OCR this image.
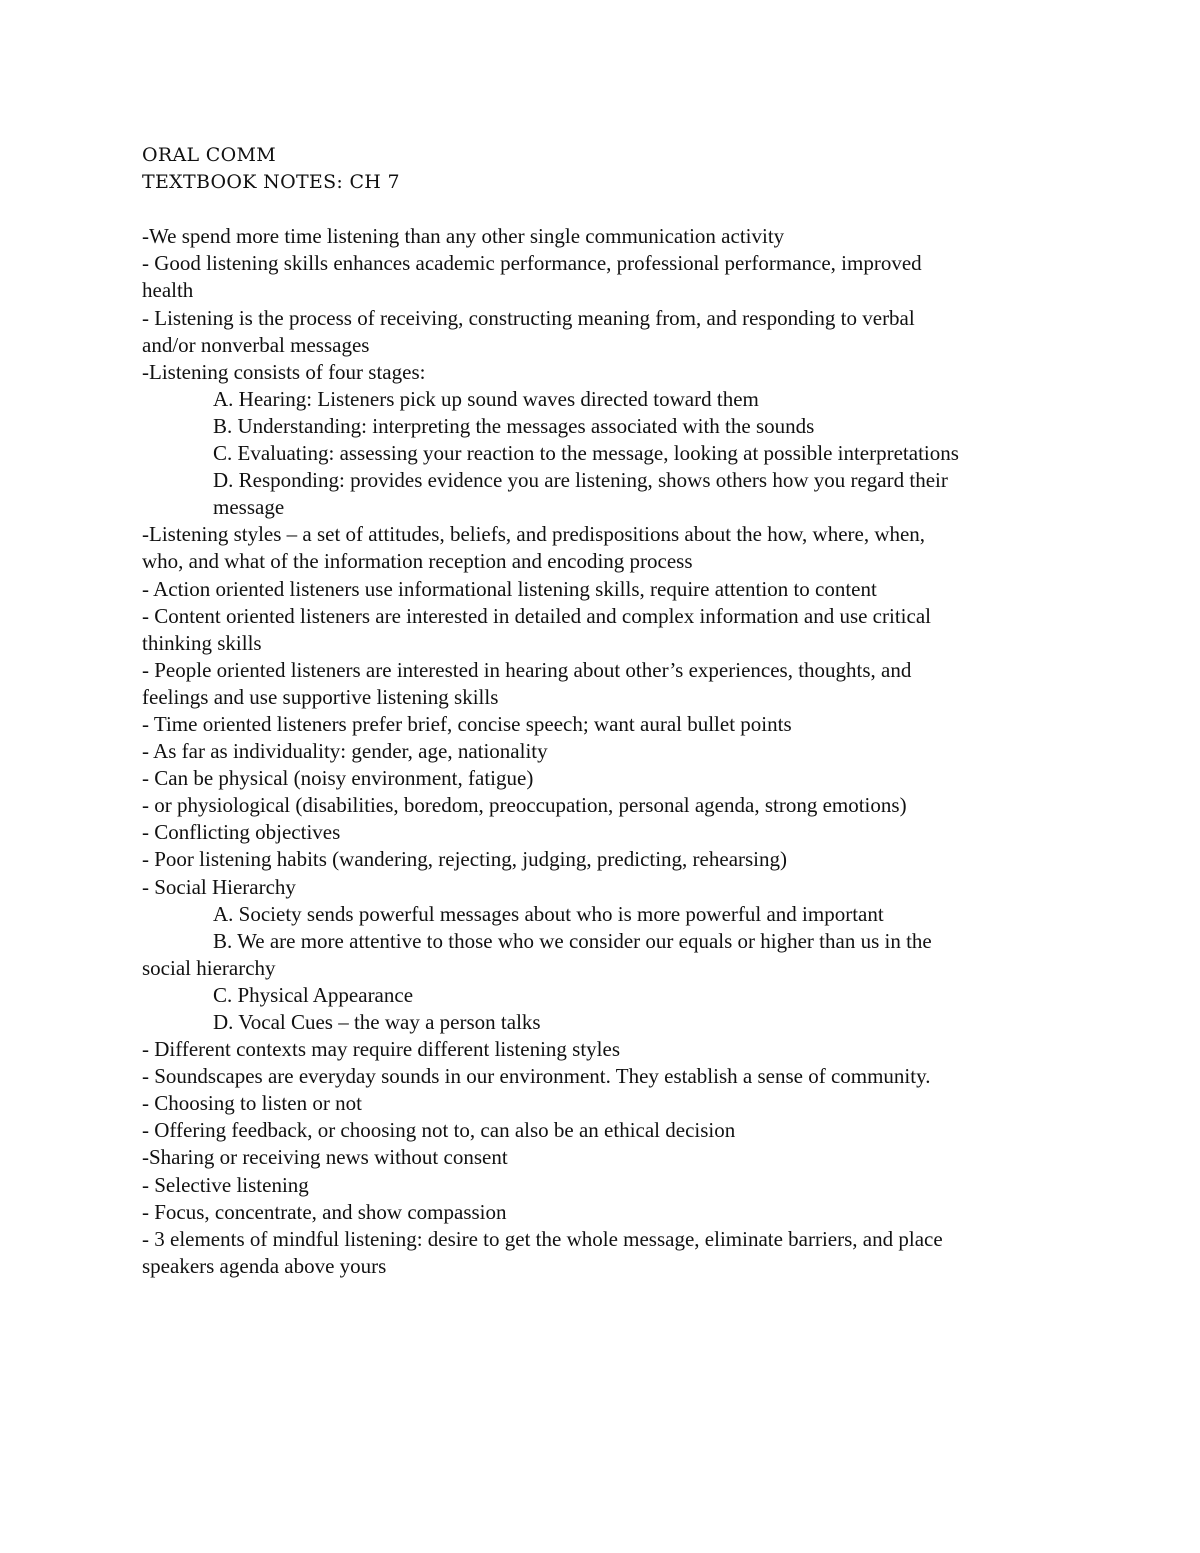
ORAL COMM
TEXTBOOK NOTES: CH 7
-We spend more time listening than any other single communication activity
- Good listening skills enhances academic performance, professional performance, improved
health
- Listening is the process of receiving, constructing meaning from, and responding to verbal
and/or nonverbal messages
-Listening consists of four stages:
A. Hearing: Listeners pick up sound waves directed toward them
B. Understanding: interpreting the messages associated with the sounds
C. Evaluating: assessing your reaction to the message, looking at possible interpretations
D. Responding: provides evidence you are listening, shows others how you regard their
message
-Listening styles – a set of attitudes, beliefs, and predispositions about the how, where, when,
who, and what of the information reception and encoding process
- Action oriented listeners use informational listening skills, require attention to content
- Content oriented listeners are interested in detailed and complex information and use critical
thinking skills
- People oriented listeners are interested in hearing about other’s experiences, thoughts, and
feelings and use supportive listening skills
- Time oriented listeners prefer brief, concise speech; want aural bullet points
- As far as individuality: gender, age, nationality
- Can be physical (noisy environment, fatigue)
- or physiological (disabilities, boredom, preoccupation, personal agenda, strong emotions)
- Conflicting objectives
- Poor listening habits (wandering, rejecting, judging, predicting, rehearsing)
- Social Hierarchy
A. Society sends powerful messages about who is more powerful and important
B. We are more attentive to those who we consider our equals or higher than us in the
social hierarchy
C. Physical Appearance
D. Vocal Cues – the way a person talks
- Different contexts may require different listening styles
- Soundscapes are everyday sounds in our environment. They establish a sense of community.
- Choosing to listen or not
- Offering feedback, or choosing not to, can also be an ethical decision
-Sharing or receiving news without consent
- Selective listening
- Focus, concentrate, and show compassion
- 3 elements of mindful listening: desire to get the whole message, eliminate barriers, and place
speakers agenda above yours
